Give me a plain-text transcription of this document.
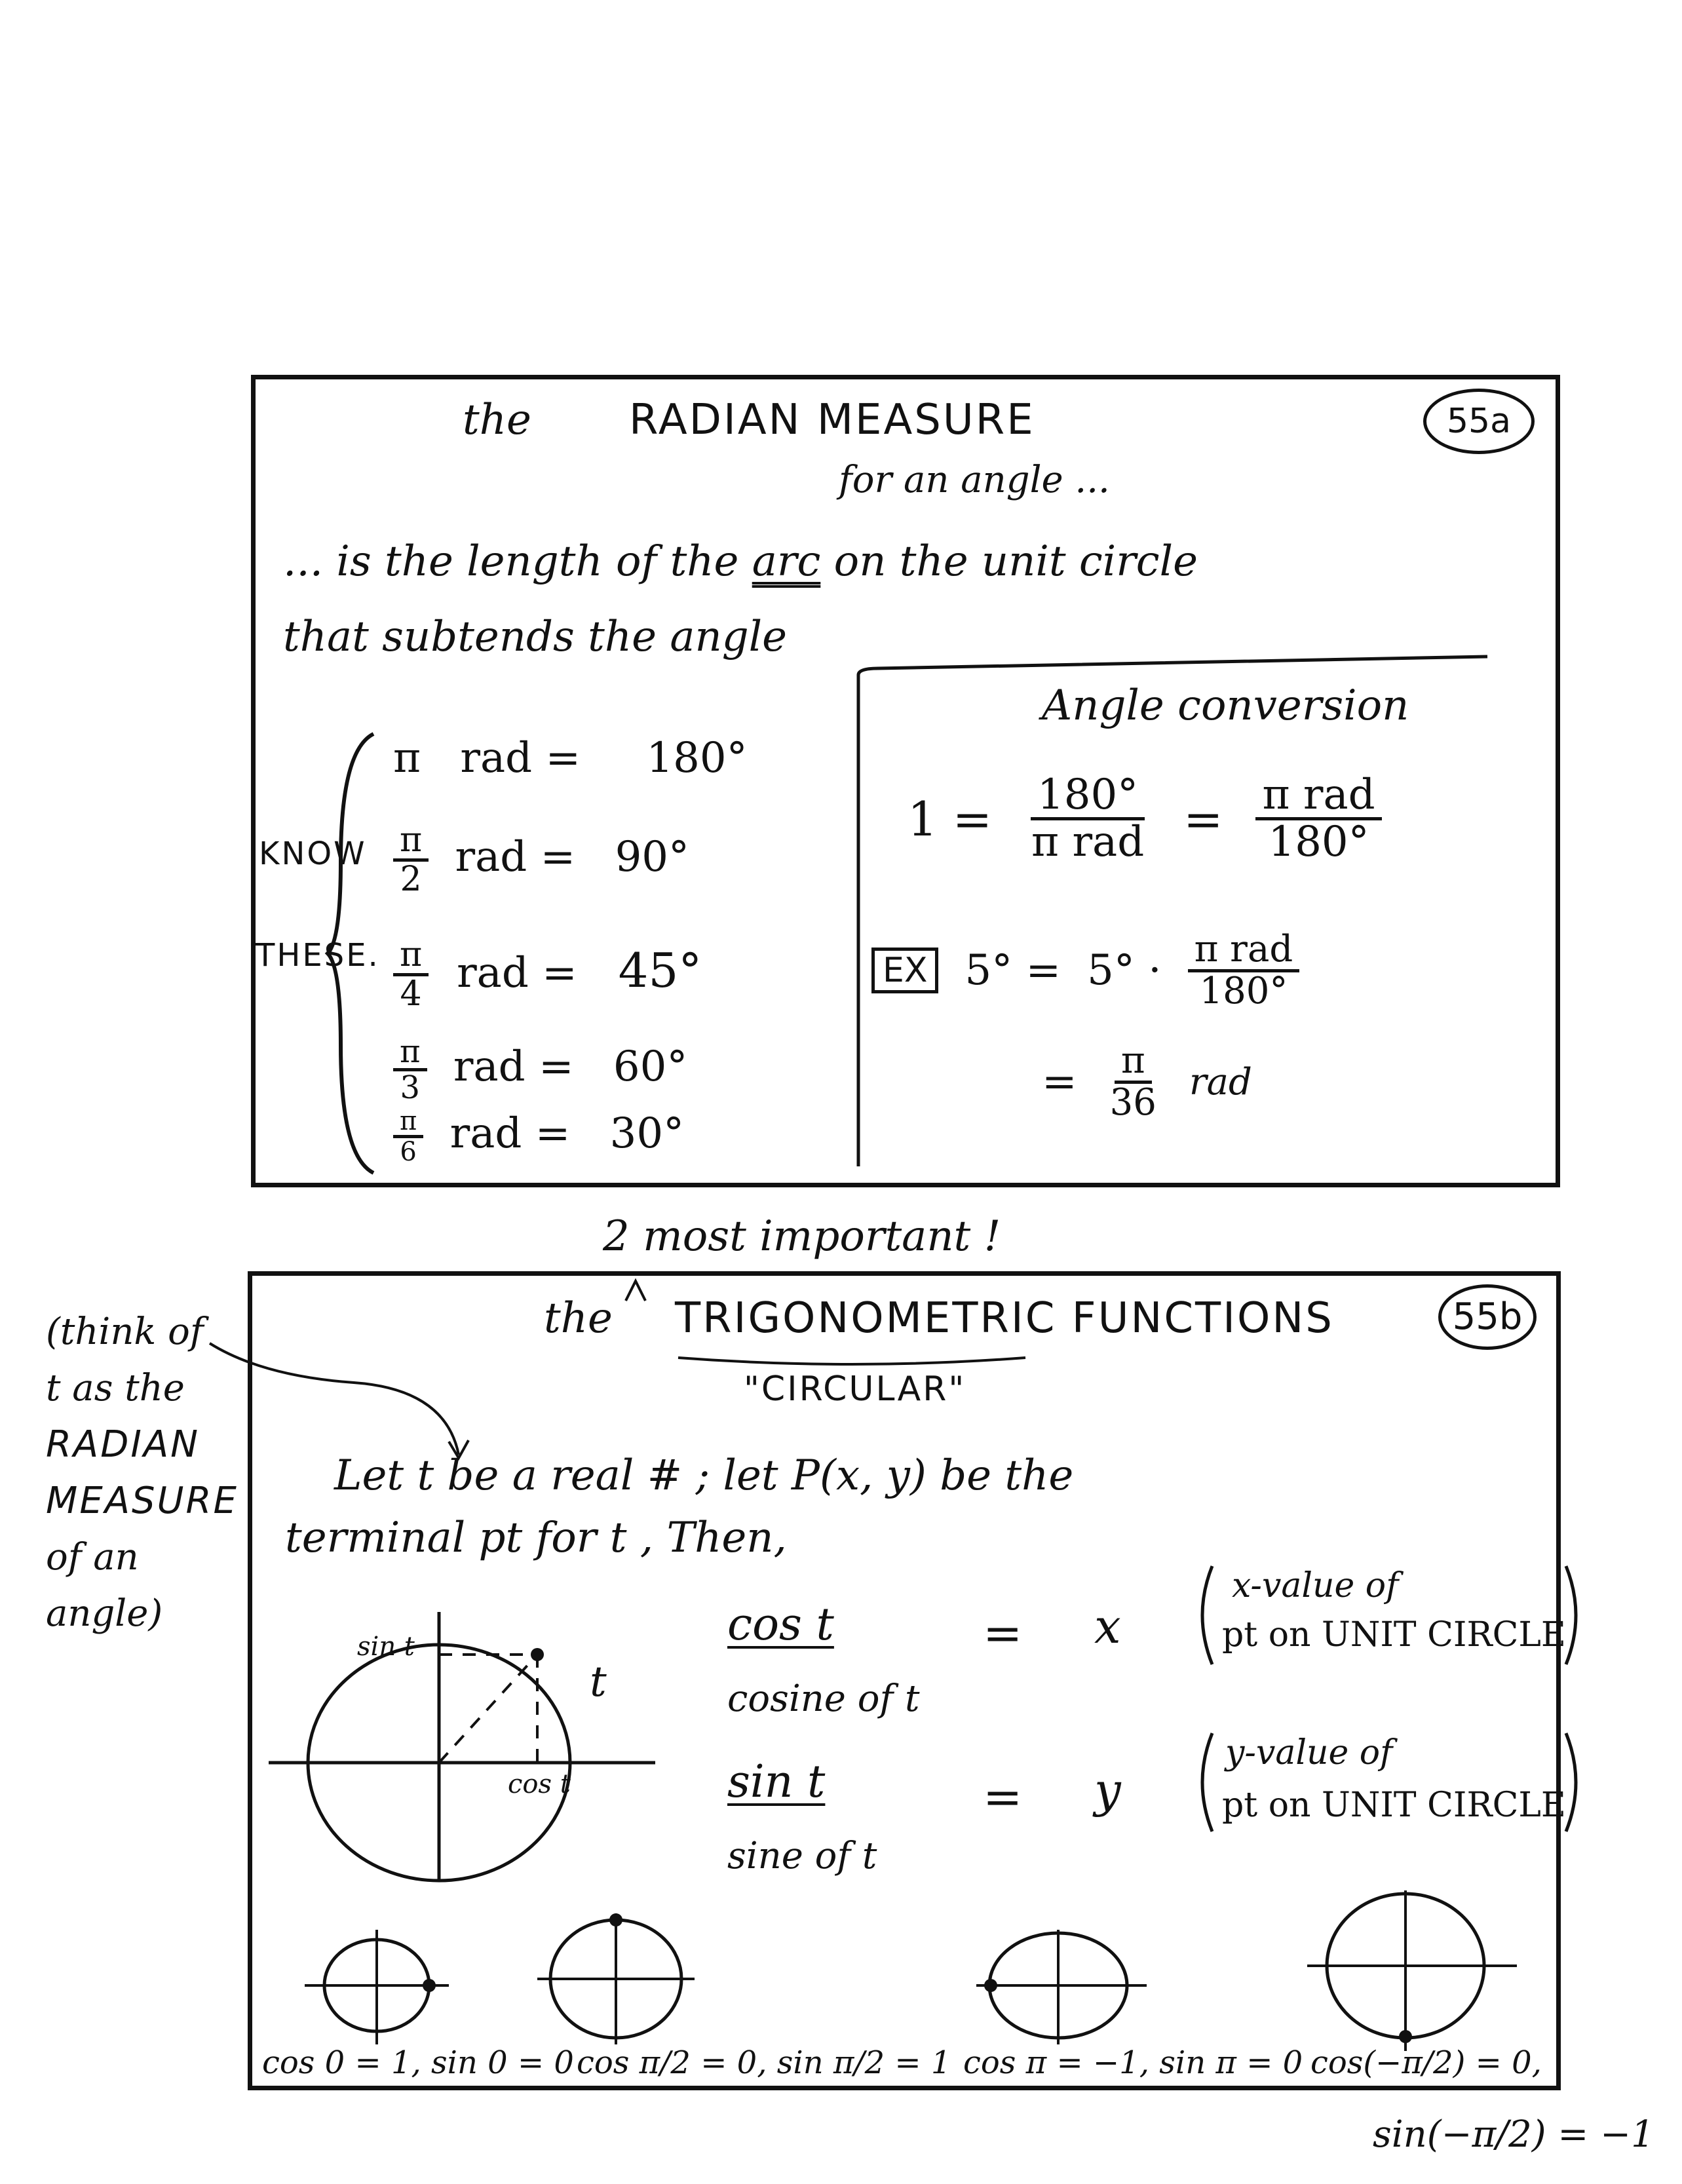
the RADIAN MEASURE	55a
for an angle ...
... is the length of the arc on the unit circle
that subtends the angle
KNOW
THESE.
π rad = 180°
$\frac{\pi}{2}$ rad = 90°
$\frac{\pi}{4}$ rad = 45°
$\frac{\pi}{3}$ rad = 60°
$\frac{\pi}{6}$ rad = 30°
Angle conversion
$1 = \frac{180^\circ}{\text{π rad}} = \frac{\text{π rad}}{180^\circ}$
EX $5^\circ = 5^\circ \cdot \frac{\text{π rad}}{180^\circ}$
= $\frac{\pi}{36}$ rad
2 most important !
(think of
t as the
RADIAN
MEASURE
of an
angle)
the TRIGONOMETRIC FUNCTIONS	55b
"CIRCULAR"
Let t be a real # ; let P(x, y) be the
terminal pt for t , Then,
sin t
cos t
t
cos t
cosine of t
= x
x-value of
pt on UNIT CIRCLE
sin t
sine of t
= y
y-value of
pt on UNIT CIRCLE
cos 0 = 1, sin 0 = 0 cos π/2 = 0, sin π/2 = 1 cos π = −1, sin π = 0 cos(−π/2) = 0,
sin(−π/2) = −1
